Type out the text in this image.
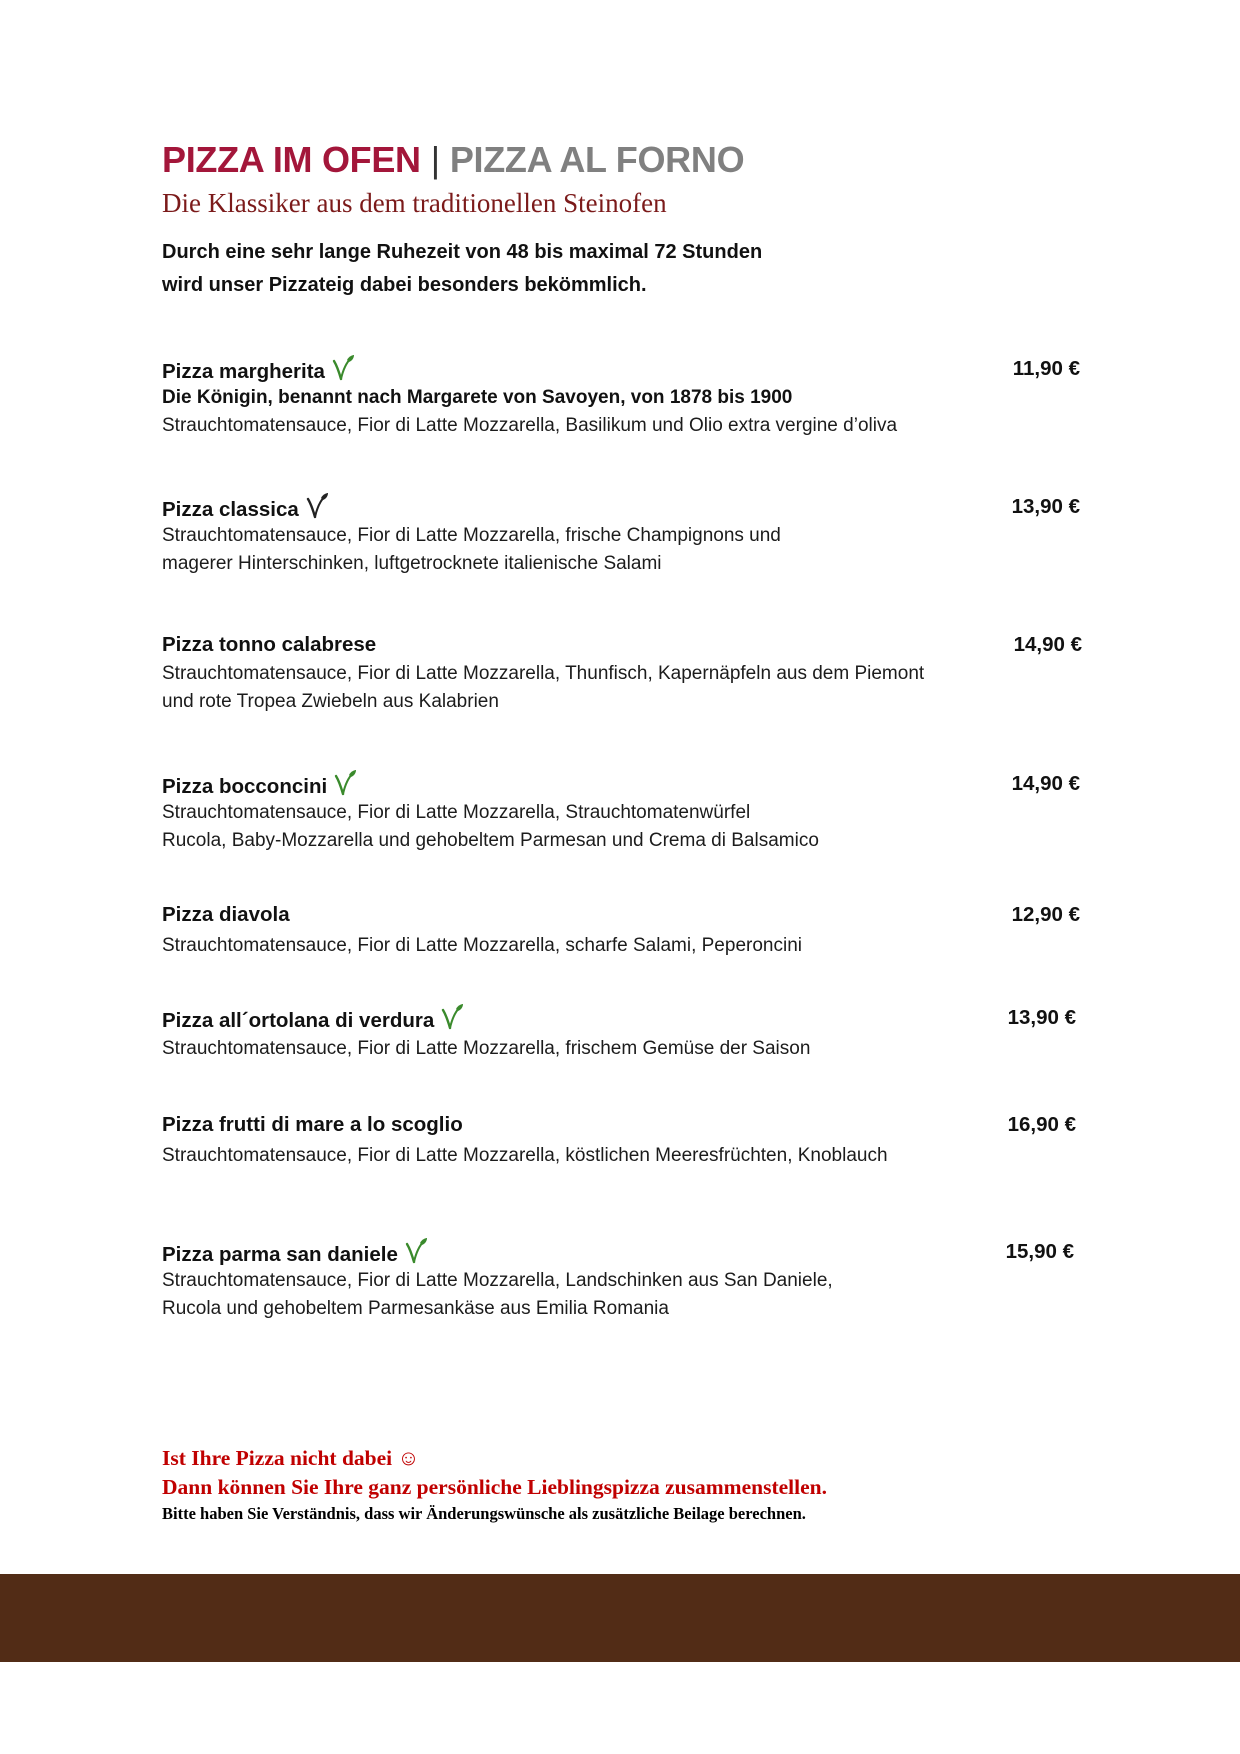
PIZZA IM OFEN | PIZZA AL FORNO
Die Klassiker aus dem traditionellen Steinofen
Durch eine sehr lange Ruhezeit von 48 bis maximal 72 Stunden
wird unser Pizzateig dabei besonders bekömmlich.
Pizza margherita	11,90 €
Die Königin, benannt nach Margarete von Savoyen, von 1878 bis 1900
Strauchtomatensauce, Fior di Latte Mozzarella, Basilikum und Olio extra vergine d’oliva
Pizza classica	13,90 €
Strauchtomatensauce, Fior di Latte Mozzarella, frische Champignons und
magerer Hinterschinken, luftgetrocknete italienische Salami
Pizza tonno calabrese	14,90 €
Strauchtomatensauce, Fior di Latte Mozzarella, Thunfisch, Kapernäpfeln aus dem Piemont
und rote Tropea Zwiebeln aus Kalabrien
Pizza bocconcini	14,90 €
Strauchtomatensauce, Fior di Latte Mozzarella, Strauchtomatenwürfel
Rucola, Baby-Mozzarella und gehobeltem Parmesan und Crema di Balsamico
Pizza diavola	12,90 €
Strauchtomatensauce, Fior di Latte Mozzarella, scharfe Salami, Peperoncini
Pizza all´ortolana di verdura	13,90 €
Strauchtomatensauce, Fior di Latte Mozzarella, frischem Gemüse der Saison
Pizza frutti di mare a lo scoglio	16,90 €
Strauchtomatensauce, Fior di Latte Mozzarella, köstlichen Meeresfrüchten, Knoblauch
Pizza parma san daniele	15,90 €
Strauchtomatensauce, Fior di Latte Mozzarella, Landschinken aus San Daniele,
Rucola und gehobeltem Parmesankäse aus Emilia Romania
Ist Ihre Pizza nicht dabei ☺
Dann können Sie Ihre ganz persönliche Lieblingspizza zusammenstellen.
Bitte haben Sie Verständnis, dass wir Änderungswünsche als zusätzliche Beilage berechnen.
